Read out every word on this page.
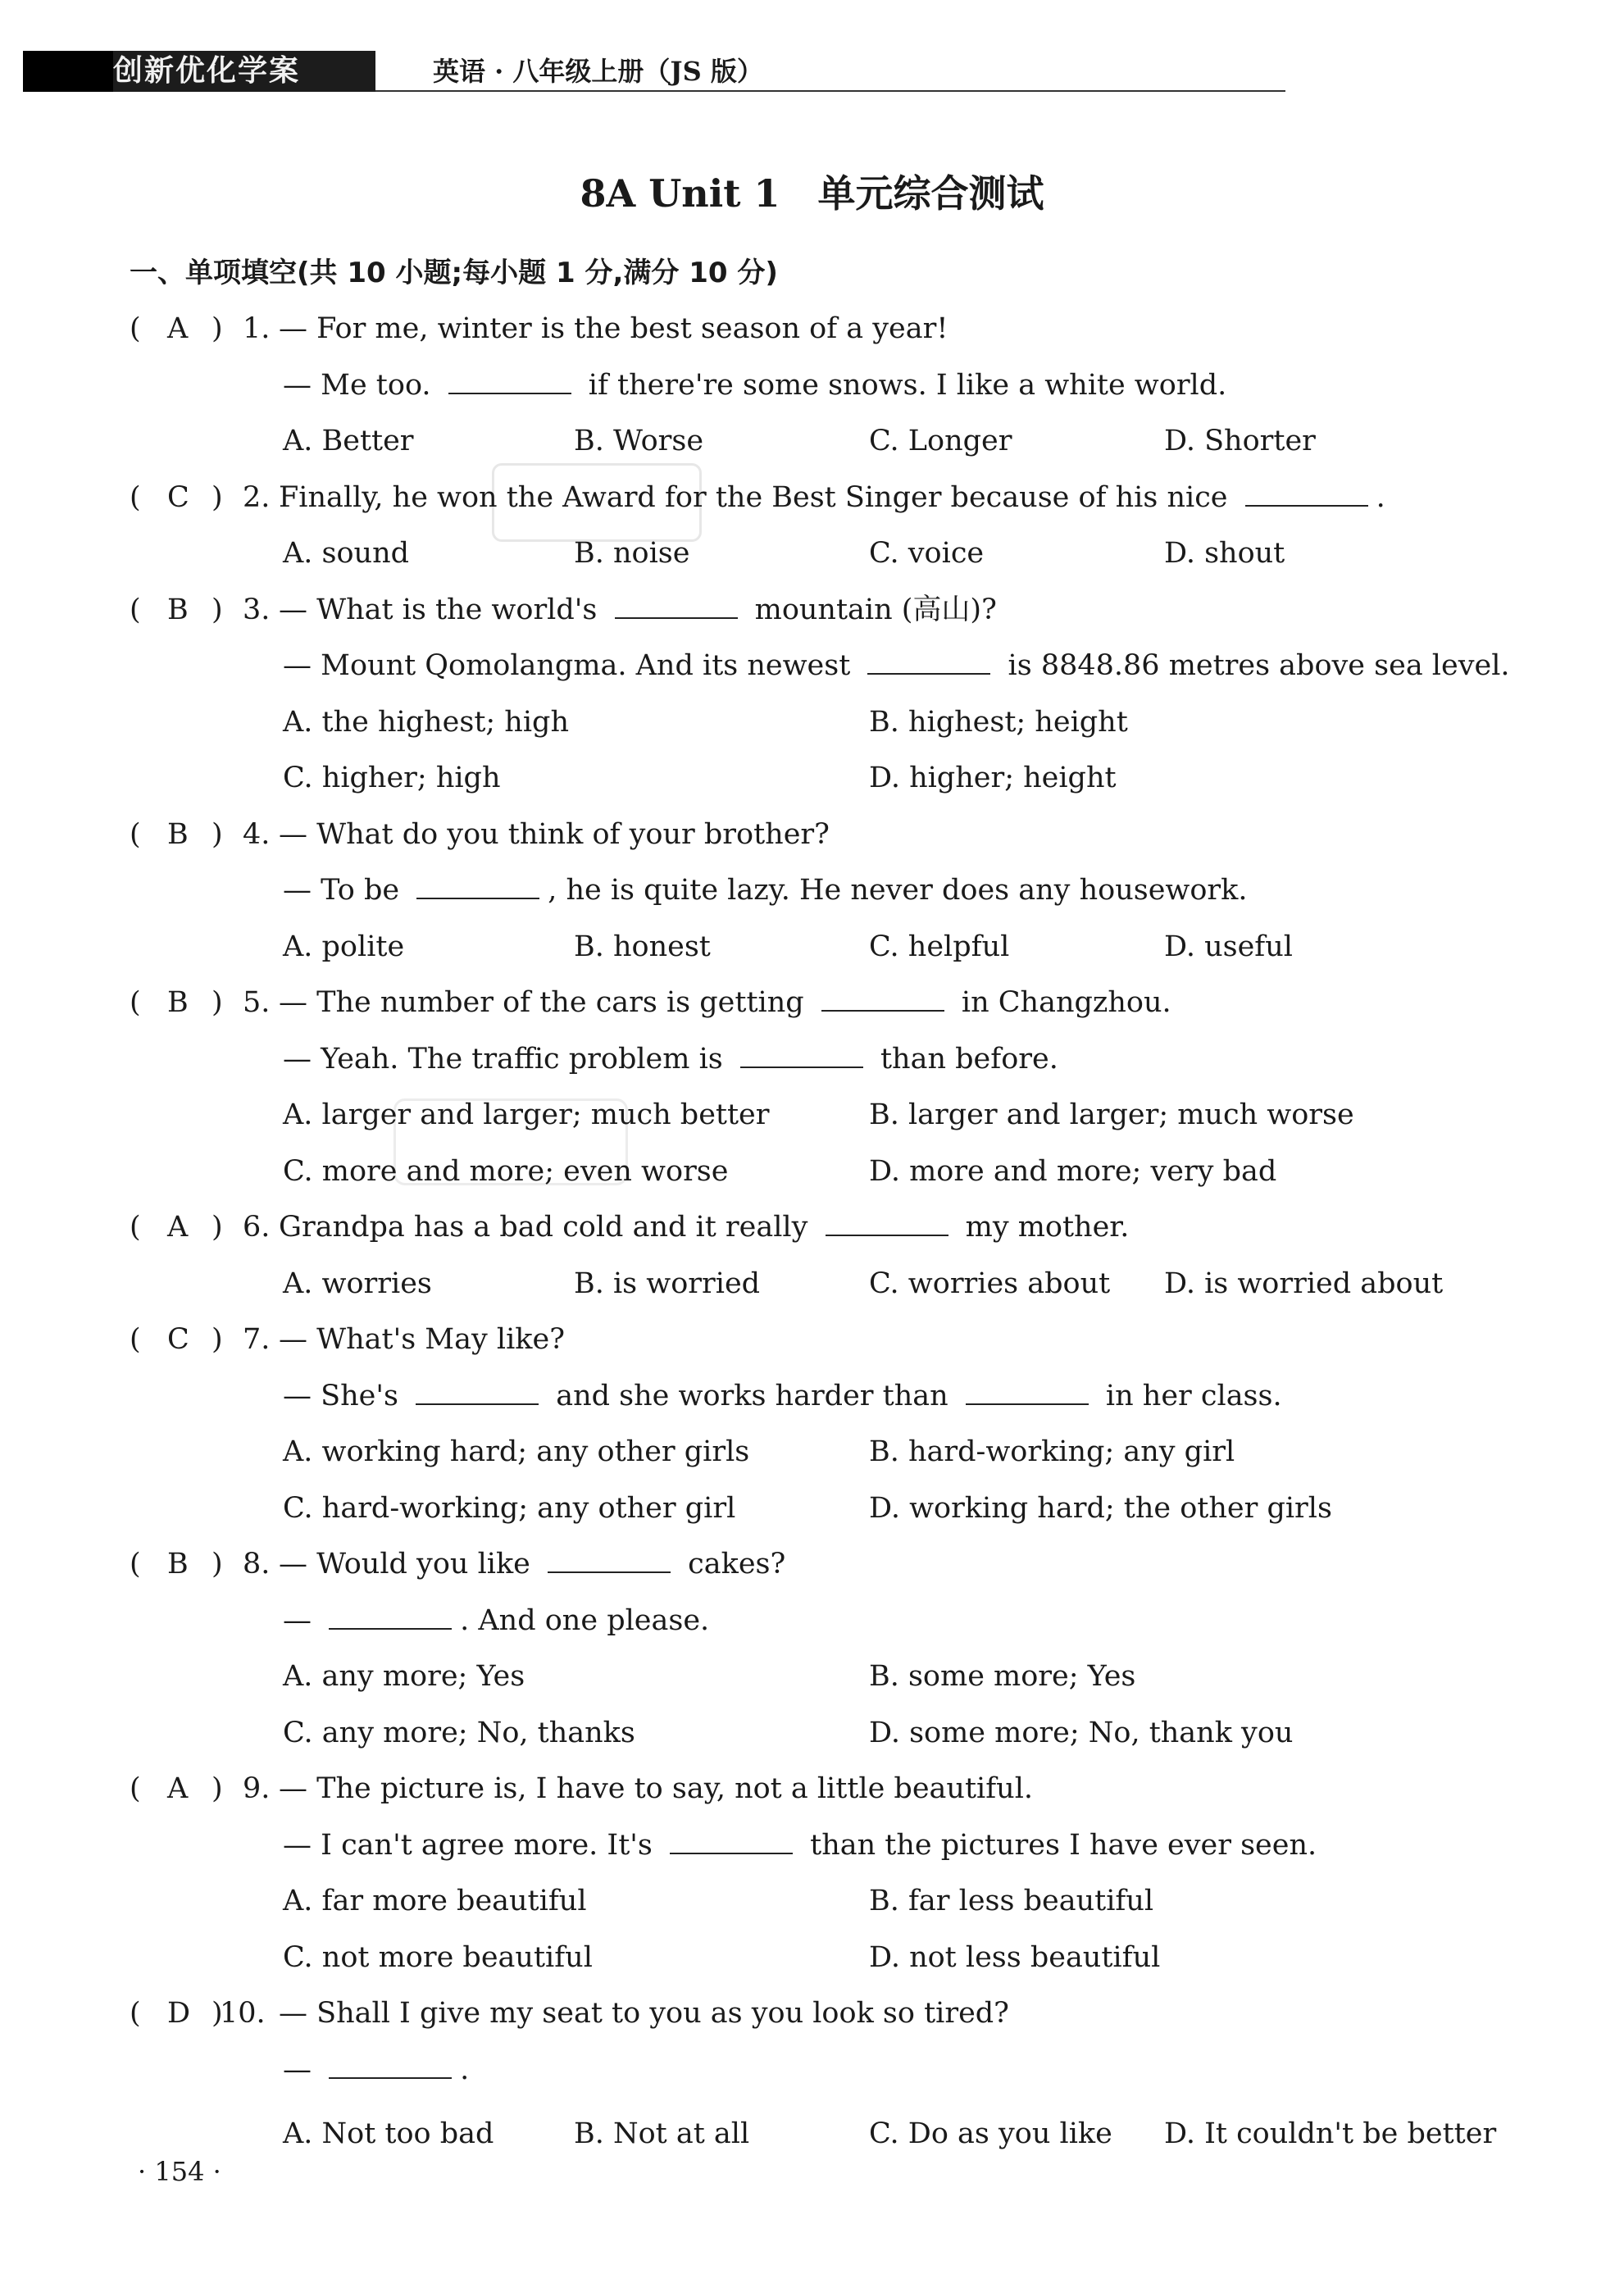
创新优化学案	英语 · 八年级上册（JS 版）
8A Unit 1　单元综合测试
一、单项填空(共 10 小题;每小题 1 分,满分 10 分)
( A ) 1. — For me, winter is the best season of a year!
— Me too.	if there're some snows. I like a white world.
A. Better	B. Worse	C. Longer	D. Shorter
( C ) 2. Finally, he won the Award for the Best Singer because of his nice	.
A. sound	B. noise	C. voice	D. shout
( B ) 3. — What is the world's	mountain (高山)?
— Mount Qomolangma. And its newest	is 8848.86 metres above sea level.
A. the highest; high	B. highest; height
C. higher; high	D. higher; height
( B ) 4. — What do you think of your brother?
— To be	, he is quite lazy. He never does any housework.
A. polite	B. honest	C. helpful	D. useful
( B ) 5. — The number of the cars is getting	in Changzhou.
— Yeah. The traffic problem is	than before.
A. larger and larger; much better	B. larger and larger; much worse
C. more and more; even worse	D. more and more; very bad
( A ) 6. Grandpa has a bad cold and it really	my mother.
A. worries	B. is worried	C. worries about D. is worried about
( C ) 7. — What's May like?
— She's	and she works harder than	in her class.
A. working hard; any other girls	B. hard-working; any girl
C. hard-working; any other girl	D. working hard; the other girls
( B ) 8. — Would you like	cakes?
—	. And one please.
A. any more; Yes	B. some more; Yes
C. any more; No, thanks	D. some more; No, thank you
( A ) 9. — The picture is, I have to say, not a little beautiful.
— I can't agree more. It's	than the pictures I have ever seen.
A. far more beautiful	B. far less beautiful
C. not more beautiful	D. not less beautiful
( D )
10. — Shall I give my seat to you as you look so tired?
—	.
A. Not too bad	B. Not at all	C. Do as you like D. It couldn't be better
· 154 ·
